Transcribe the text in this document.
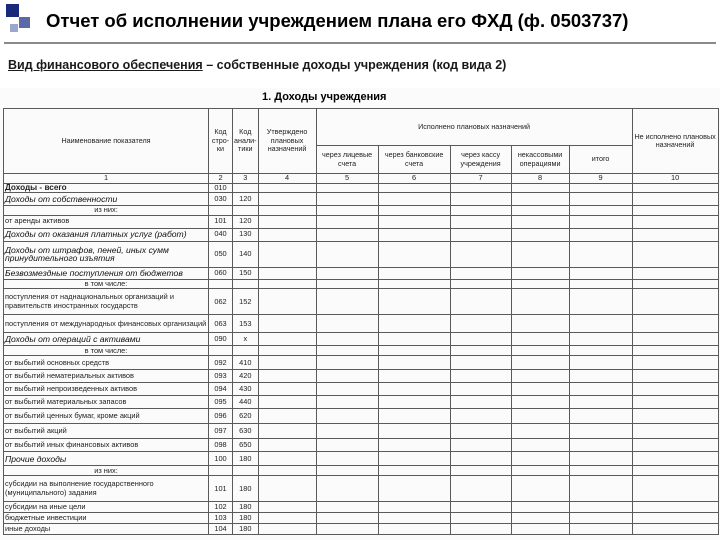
Отчет об исполнении учреждением плана его ФХД (ф. 0503737)
Вид финансового обеспечения – собственные доходы учреждения (код вида 2)
1. Доходы учреждения
Наименование показателя	Код стро-ки	Код анали-тики	Утверждено плановых назначений	Исполнено плановых назначений					Не исполнено плановых назначений
				через лицевые счета	через банковские счета	через кассу учреждения	некассовыми операциями	итого	
1	2	3	4	5	6	7	8	9	10
Доходы - всего	010								
Доходы от собственности	030	120							
из них:									
от аренды активов	101	120							
Доходы от оказания платных услуг (работ)	040	130							
Доходы от штрафов, пеней, иных сумм принудительного изъятия	050	140							
Безвозмездные поступления от бюджетов	060	150							
в том числе:									
поступления от наднациональных организаций и правительств иностранных государств	062	152							
поступления от международных финансовых организаций	063	153							
Доходы от операций с активами	090	x							
в том числе:									
от выбытий основных средств	092	410							
от выбытий нематериальных активов	093	420							
от выбытий непроизведенных активов	094	430							
от выбытий материальных запасов	095	440							
от выбытий ценных бумаг, кроме акций	096	620							
от выбытий акций	097	630							
от выбытий иных финансовых активов	098	650							
Прочие доходы	100	180							
из них:									
субсидии на выполнение государственного (муниципального) задания	101	180							
субсидии на иные цели	102	180							
бюджетные инвестиции	103	180							
иные доходы	104	180							
